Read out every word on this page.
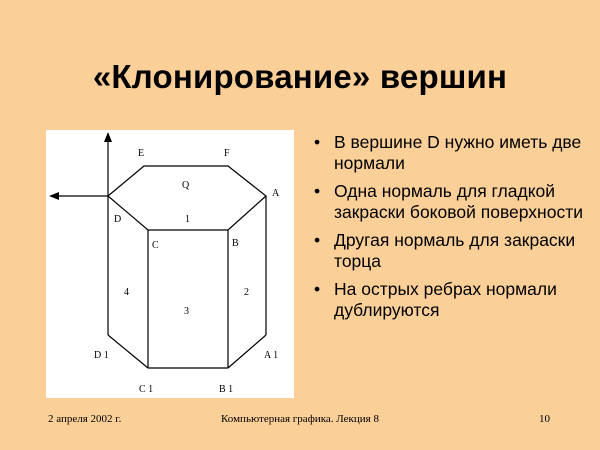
«Клонирование» вершин
E	F
A
D
C	B
D 1	A 1
C 1	B 1
Q
1
4	2
3
• В вершине D нужно иметь две нормали
• Одна нормаль для гладкой закраски боковой поверхности
• Другая нормаль для закраски торца
• На острых ребрах нормали дублируются
2 апреля 2002 г.	Компьютерная графика. Лекция 8	10
